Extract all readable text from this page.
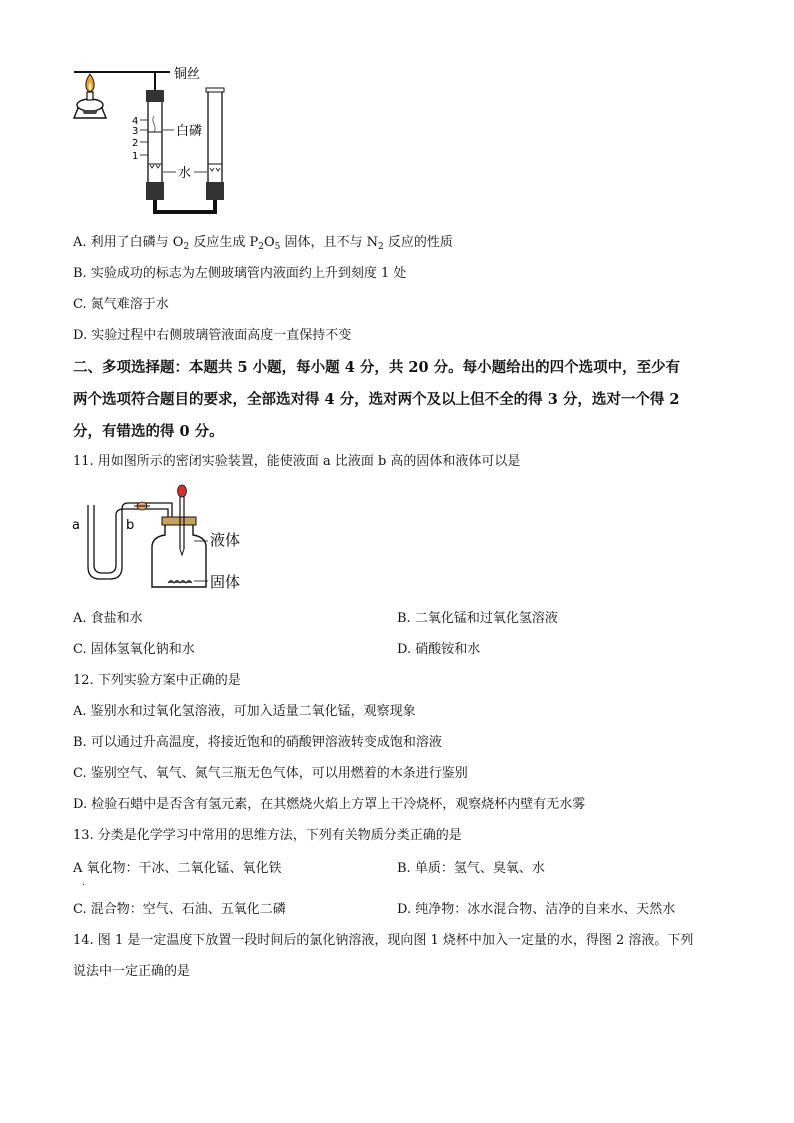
铜丝
白磷
水
4
3
2
1
A. 利用了白磷与 $O_2$ 反应生成 $P_2O_5$ 固体，且不与 $N_2$ 反应的性质
B. 实验成功的标志为左侧玻璃管内液面约上升到刻度 1 处
C. 氮气难溶于水
D. 实验过程中右侧玻璃管液面高度一直保持不变
二、多项选择题：本题共 5 小题，每小题 4 分，共 20 分。每小题给出的四个选项中，至少有
两个选项符合题目的要求，全部选对得 4 分，选对两个及以上但不全的得 3 分，选对一个得 2
分，有错选的得 0 分。
11. 用如图所示的密闭实验装置，能使液面 a 比液面 b 高的固体和液体可以是
a	b
液体
固体
A. 食盐和水	B. 二氧化锰和过氧化氢溶液
C. 固体氢氧化钠和水	D. 硝酸铵和水
12. 下列实验方案中正确的是
A. 鉴别水和过氧化氢溶液，可加入适量二氧化锰，观察现象
B. 可以通过升高温度，将接近饱和的硝酸钾溶液转变成饱和溶液
C. 鉴别空气、氧气、氮气三瓶无色气体，可以用燃着的木条进行鉴别
D. 检验石蜡中是否含有氢元素，在其燃烧火焰上方罩上干冷烧杯，观察烧杯内壁有无水雾
13. 分类是化学学习中常用的思维方法，下列有关物质分类正确的是
A 氧化物：干冰、二氧化锰、氧化铁
.
B. 单质：氢气、臭氧、水
C. 混合物：空气、石油、五氧化二磷	D. 纯净物：冰水混合物、洁净的自来水、天然水
14. 图 1 是一定温度下放置一段时间后的氯化钠溶液，现向图 1 烧杯中加入一定量的水，得图 2 溶液。下列
说法中一定正确的是
